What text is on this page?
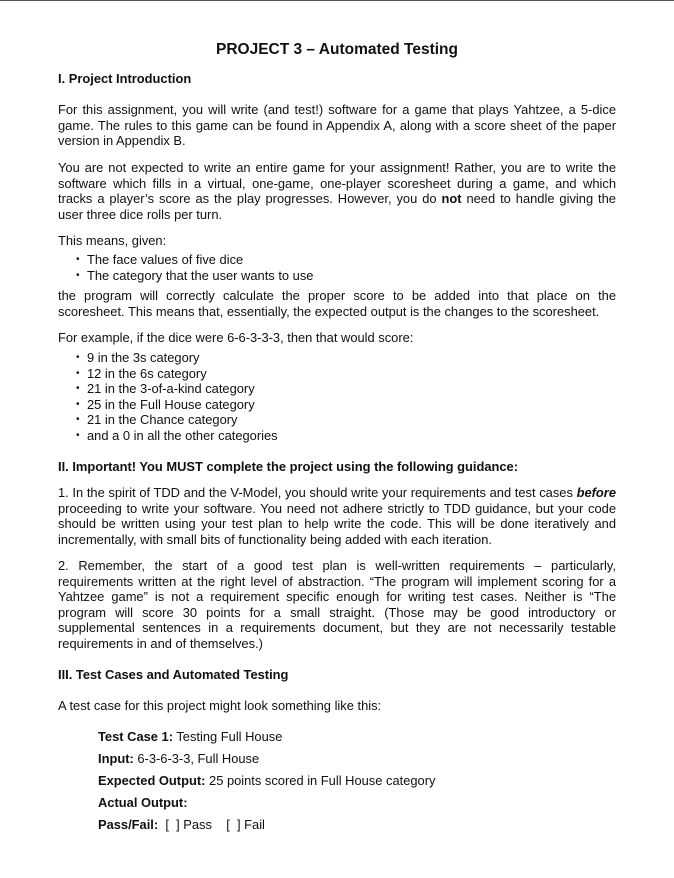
PROJECT 3 – Automated Testing
I. Project Introduction
For this assignment, you will write (and test!) software for a game that plays Yahtzee, a 5-dice game. The rules to this game can be found in Appendix A, along with a score sheet of the paper version in Appendix B.
You are not expected to write an entire game for your assignment! Rather, you are to write the software which fills in a virtual, one-game, one-player scoresheet during a game, and which tracks a player’s score as the play progresses. However, you do not need to handle giving the user three dice rolls per turn.
This means, given:
• The face values of five dice
• The category that the user wants to use
the program will correctly calculate the proper score to be added into that place on the scoresheet. This means that, essentially, the expected output is the changes to the scoresheet.
For example, if the dice were 6-6-3-3-3, then that would score:
• 9 in the 3s category
• 12 in the 6s category
• 21 in the 3-of-a-kind category
• 25 in the Full House category
• 21 in the Chance category
• and a 0 in all the other categories
II. Important! You MUST complete the project using the following guidance:
1. In the spirit of TDD and the V-Model, you should write your requirements and test cases before proceeding to write your software. You need not adhere strictly to TDD guidance, but your code should be written using your test plan to help write the code. This will be done iteratively and incrementally, with small bits of functionality being added with each iteration.
2. Remember, the start of a good test plan is well-written requirements – particularly, requirements written at the right level of abstraction. “The program will implement scoring for a Yahtzee game” is not a requirement specific enough for writing test cases. Neither is “The program will score 30 points for a small straight. (Those may be good introductory or supplemental sentences in a requirements document, but they are not necessarily testable requirements in and of themselves.)
III. Test Cases and Automated Testing
A test case for this project might look something like this:
Test Case 1: Testing Full House
Input: 6-3-6-3-3, Full House
Expected Output: 25 points scored in Full House category
Actual Output:
Pass/Fail:  [  ] Pass    [  ] Fail
